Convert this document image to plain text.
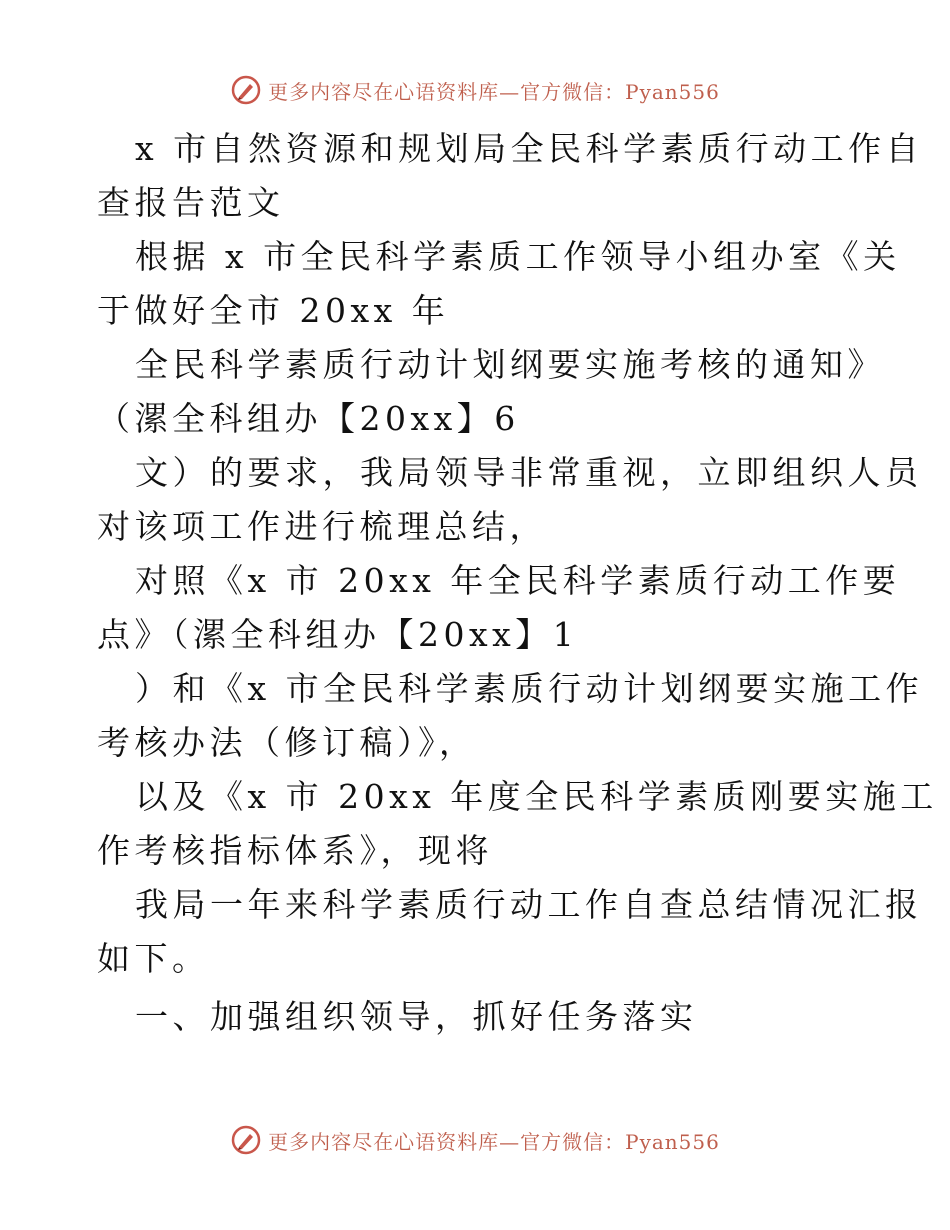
更多内容尽在心语资料库—官方微信：Pyan556
x 市自然资源和规划局全民科学素质行动工作自
查报告范文
根据 x 市全民科学素质工作领导小组办室《关
于做好全市 20xx 年
全民科学素质行动计划纲要实施考核的通知》
（漯全科组办【20xx】6
文）的要求，我局领导非常重视，立即组织人员
对该项工作进行梳理总结，
对照《x 市 20xx 年全民科学素质行动工作要
点》（漯全科组办【20xx】1
）和《x 市全民科学素质行动计划纲要实施工作
考核办法（修订稿）》，
以及《x 市 20xx 年度全民科学素质刚要实施工
作考核指标体系》，现将
我局一年来科学素质行动工作自查总结情况汇报
如下。
一、加强组织领导，抓好任务落实
更多内容尽在心语资料库—官方微信：Pyan556
